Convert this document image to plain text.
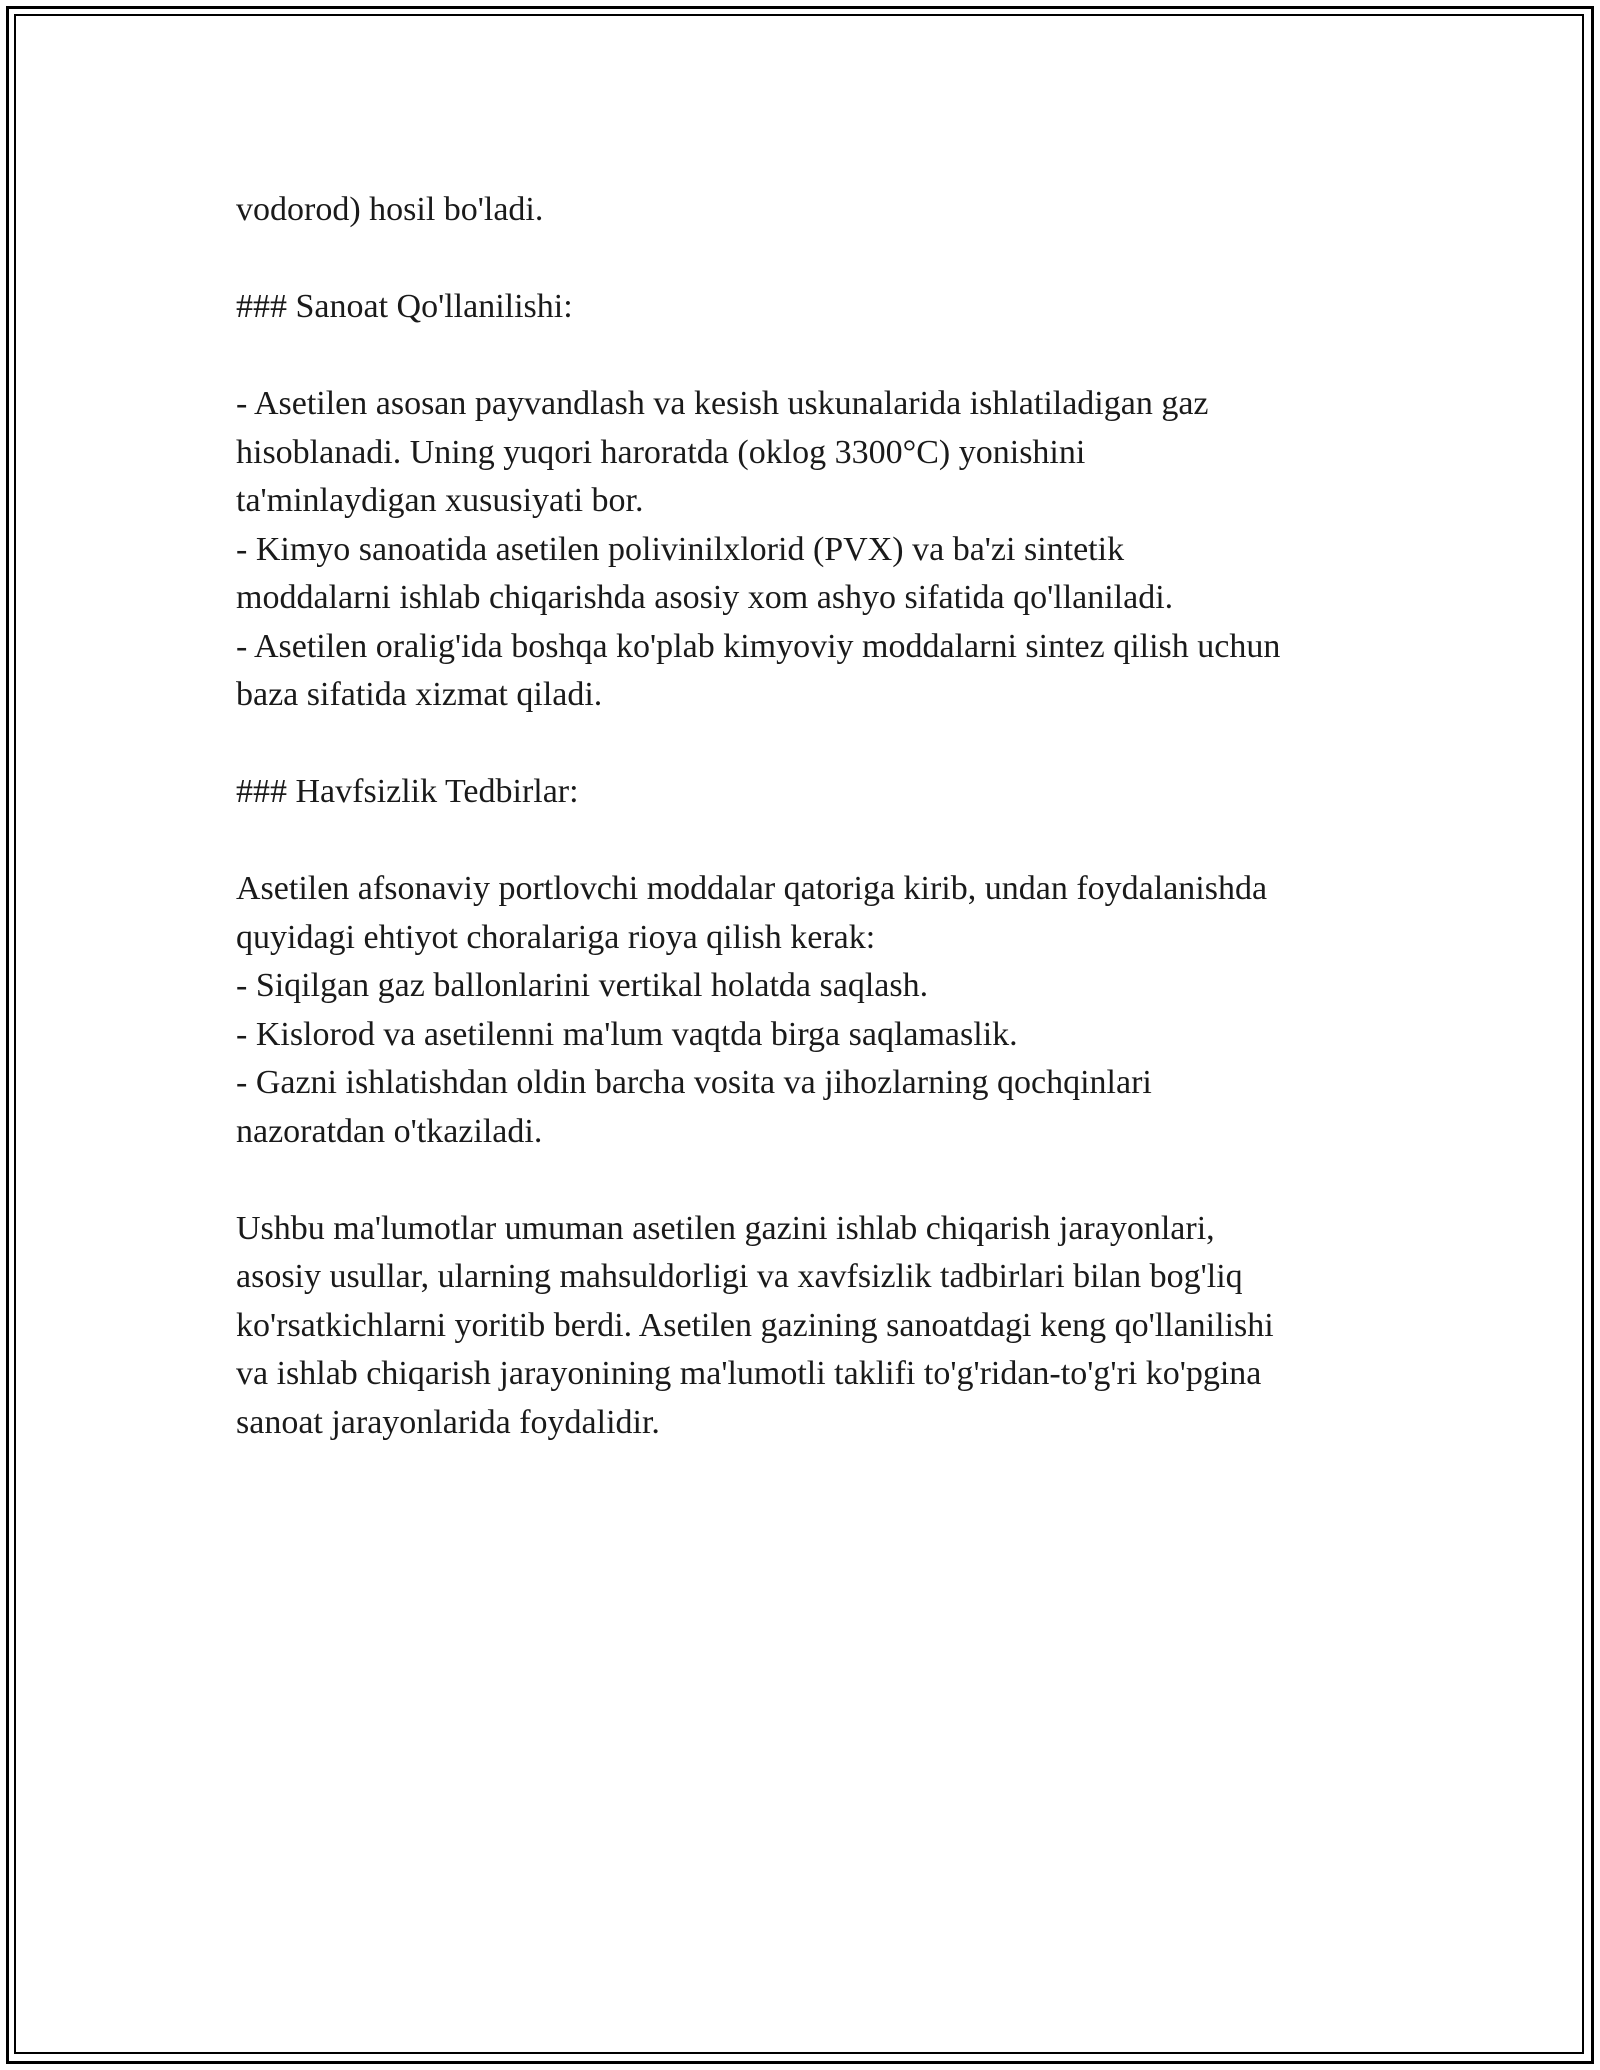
vodorod) hosil bo'ladi.

### Sanoat Qo'llanilishi:

- Asetilen asosan payvandlash va kesish uskunalarida ishlatiladigan gaz
hisoblanadi. Uning yuqori haroratda (oklog 3300°C) yonishini
ta'minlaydigan xususiyati bor.
- Kimyo sanoatida asetilen polivinilxlorid (PVX) va ba'zi sintetik
moddalarni ishlab chiqarishda asosiy xom ashyo sifatida qo'llaniladi.
- Asetilen oralig'ida boshqa ko'plab kimyoviy moddalarni sintez qilish uchun
baza sifatida xizmat qiladi.

### Havfsizlik Tedbirlar:

Asetilen afsonaviy portlovchi moddalar qatoriga kirib, undan foydalanishda
quyidagi ehtiyot choralariga rioya qilish kerak:
- Siqilgan gaz ballonlarini vertikal holatda saqlash.
- Kislorod va asetilenni ma'lum vaqtda birga saqlamaslik.
- Gazni ishlatishdan oldin barcha vosita va jihozlarning qochqinlari
nazoratdan o'tkaziladi.

Ushbu ma'lumotlar umuman asetilen gazini ishlab chiqarish jarayonlari,
asosiy usullar, ularning mahsuldorligi va xavfsizlik tadbirlari bilan bog'liq
ko'rsatkichlarni yoritib berdi. Asetilen gazining sanoatdagi keng qo'llanilishi
va ishlab chiqarish jarayonining ma'lumotli taklifi to'g'ridan-to'g'ri ko'pgina
sanoat jarayonlarida foydalidir.
